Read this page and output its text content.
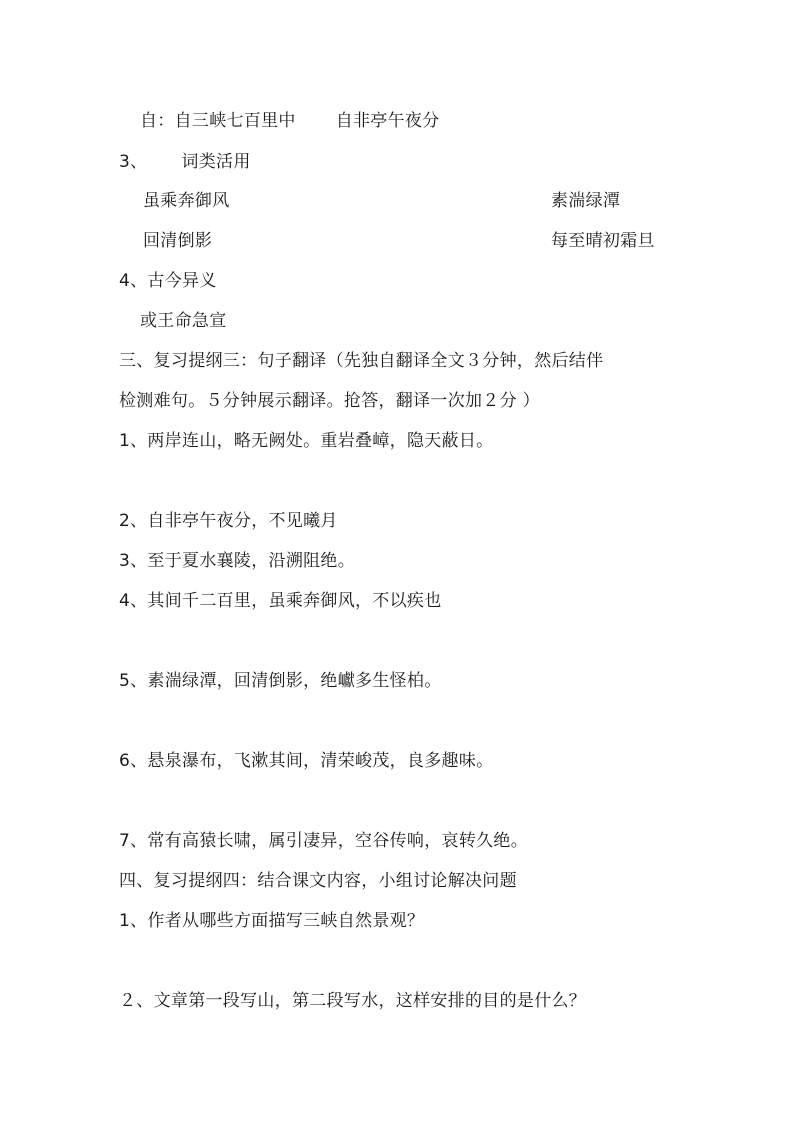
自：自三峡七百里中 自非亭午夜分
3、 词类活用
虽乘奔御风	素湍绿潭
回清倒影	每至晴初霜旦
4、古今异义
或王命急宣
三、复习提纲三：句子翻译（先独自翻译全文３分钟，然后结伴
检测难句。５分钟展示翻译。抢答，翻译一次加２分 ）
1、两岸连山，略无阙处。重岩叠嶂，隐天蔽日。
2、自非亭午夜分，不见曦月
3、至于夏水襄陵，沿溯阻绝。
4、其间千二百里，虽乘奔御风，不以疾也
5、素湍绿潭，回清倒影，绝巘多生怪柏。
6、悬泉瀑布，飞漱其间，清荣峻茂，良多趣味。
7、常有高猿长啸，属引凄异，空谷传响，哀转久绝。
四、复习提纲四：结合课文内容，小组讨论解决问题
1、作者从哪些方面描写三峡自然景观？
２、文章第一段写山，第二段写水，这样安排的目的是什么？
